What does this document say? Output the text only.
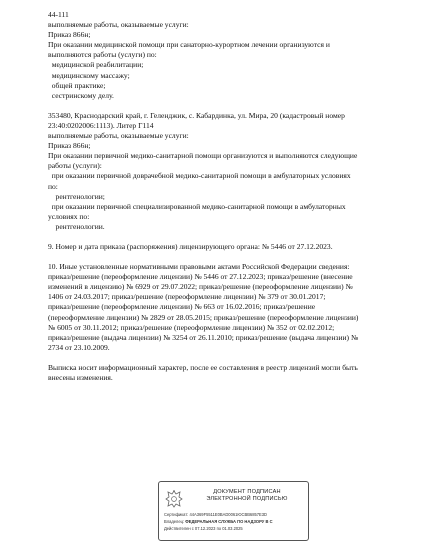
44-111

выполняемые работы, оказываемые услуги:

Приказ 866н;

При оказании медицинской помощи при санаторно-курортном лечении организуются и

выполняются работы (услуги) по:

медицинской реабилитации;

медицинскому массажу;

общей практике;

сестринскому делу.

353480, Краснодарский край, г. Геленджик, с. Кабардинка, ул. Мира, 20 (кадастровый номер

23:40:0202006:1113). Литер Г114

выполняемые работы, оказываемые услуги:

Приказ 866н;

При оказании первичной медико-санитарной помощи организуются и выполняются следующие

работы (услуги):

при оказании первичной доврачебной медико-санитарной помощи в амбулаторных условиях

по:

рентгенологии;

при оказании первичной специализированной медико-санитарной помощи в амбулаторных

условиях по:

рентгенологии.

9. Номер и дата приказа (распоряжения) лицензирующего органа: № 5446 от 27.12.2023.

10. Иные установленные нормативными правовыми актами Российской Федерации сведения:

приказ/решение (переоформление лицензии) № 5446 от 27.12.2023; приказ/решение (внесение

изменений в лицензию) № 6929 от 29.07.2022; приказ/решение (переоформление лицензии) №

1406 от 24.03.2017; приказ/решение (переоформление лицензии) № 379 от 30.01.2017;

приказ/решение (переоформление лицензии) № 663 от 16.02.2016; приказ/решение

(переоформление лицензии) № 2829 от 28.05.2015; приказ/решение (переоформление лицензии)

№ 6005 от 30.11.2012; приказ/решение (переоформление лицензии) № 352 от 02.02.2012;

приказ/решение (выдача лицензии) № 3254 от 26.11.2010; приказ/решение (выдача лицензии) №

2734 от 23.10.2009.

Выписка носит информационный характер, после ее составления в реестр лицензий могли быть

внесены изменения.

ДОКУМЕНТ ПОДПИСАН
ЭЛЕКТРОННОЙ ПОДПИСЬЮ
Сертификат: 44A369F5511E0BAD0061ЮСВВ6857E3D
Владелец: ФЕДЕРАЛЬНАЯ СЛУЖБА ПО НАДЗОРУ В С
Действителен с 07.12.2023 по 01.03.2025
